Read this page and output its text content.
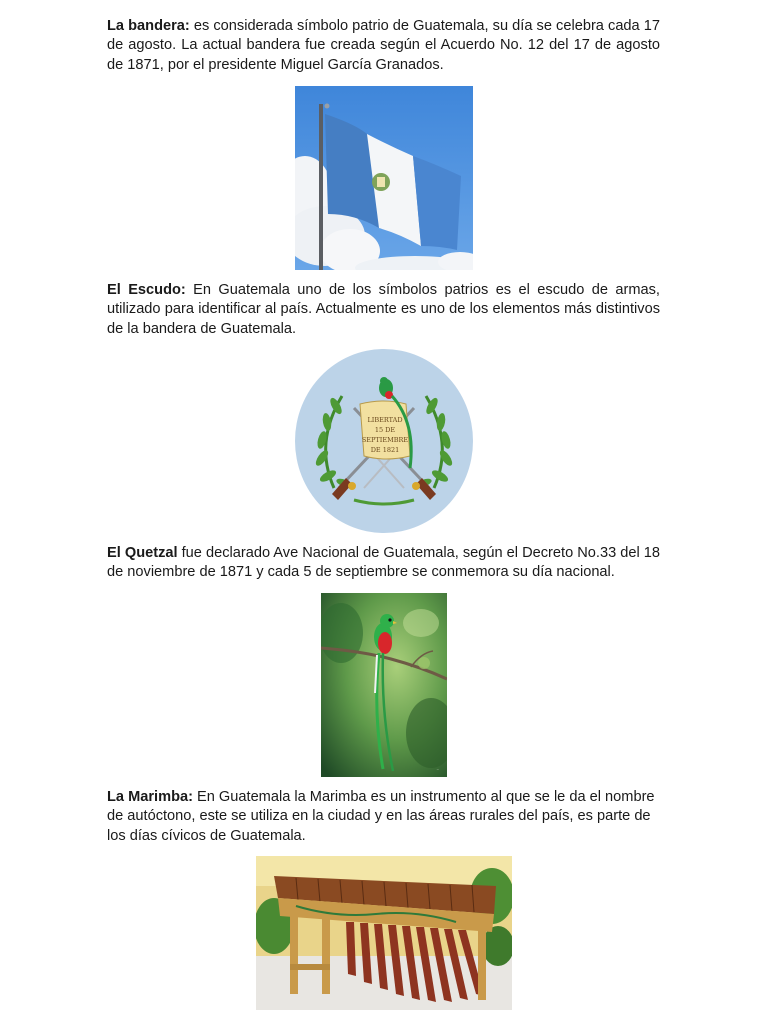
La bandera: es considerada símbolo patrio de Guatemala, su día se celebra cada 17 de agosto. La actual bandera fue creada según el Acuerdo No. 12 del 17 de agosto de 1871, por el presidente Miguel García Granados.

El Escudo: En Guatemala uno de los símbolos patrios es el escudo de armas, utilizado para identificar al país. Actualmente es uno de los elementos más distintivos de la bandera de Guatemala.

LIBERTAD
15 DE
SEPTIEMBRE
DE 1821

El Quetzal fue declarado Ave Nacional de Guatemala, según el Decreto No.33 del 18 de noviembre de 1871 y cada 5 de septiembre se conmemora su día nacional.

~

La Marimba: En Guatemala la Marimba es un instrumento al que se le da el nombre de autóctono, este se utiliza en la ciudad y en las áreas rurales del país, es parte de los días cívicos de Guatemala.
